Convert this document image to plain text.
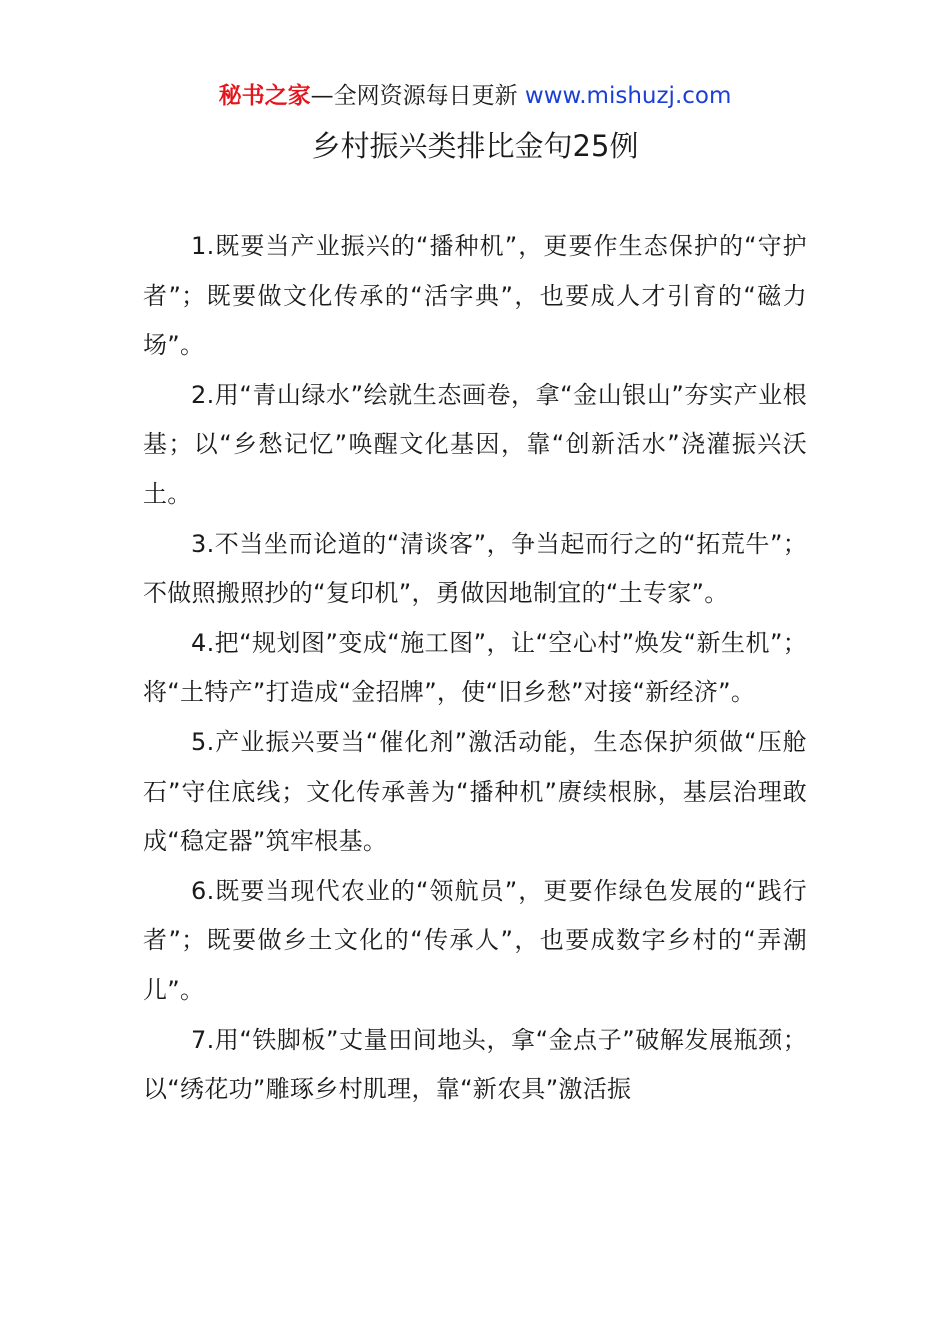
秘书之家—全网资源每日更新 www.mishuzj.com
乡村振兴类排比金句25例

1.既要当产业振兴的“播种机”，更要作生态保护的“守护者”；既要做文化传承的“活字典”，也要成人才引育的“磁力场”。

2.用“青山绿水”绘就生态画卷，拿“金山银山”夯实产业根基；以“乡愁记忆”唤醒文化基因，靠“创新活水”浇灌振兴沃土。

3.不当坐而论道的“清谈客”，争当起而行之的“拓荒牛”；不做照搬照抄的“复印机”，勇做因地制宜的“土专家”。

4.把“规划图”变成“施工图”，让“空心村”焕发“新生机”；将“土特产”打造成“金招牌”，使“旧乡愁”对接“新经济”。

5.产业振兴要当“催化剂”激活动能，生态保护须做“压舱石”守住底线；文化传承善为“播种机”赓续根脉，基层治理敢成“稳定器”筑牢根基。

6.既要当现代农业的“领航员”，更要作绿色发展的“践行者”；既要做乡土文化的“传承人”，也要成数字乡村的“弄潮儿”。

7.用“铁脚板”丈量田间地头，拿“金点子”破解发展瓶颈；以“绣花功”雕琢乡村肌理，靠“新农具”激活振
